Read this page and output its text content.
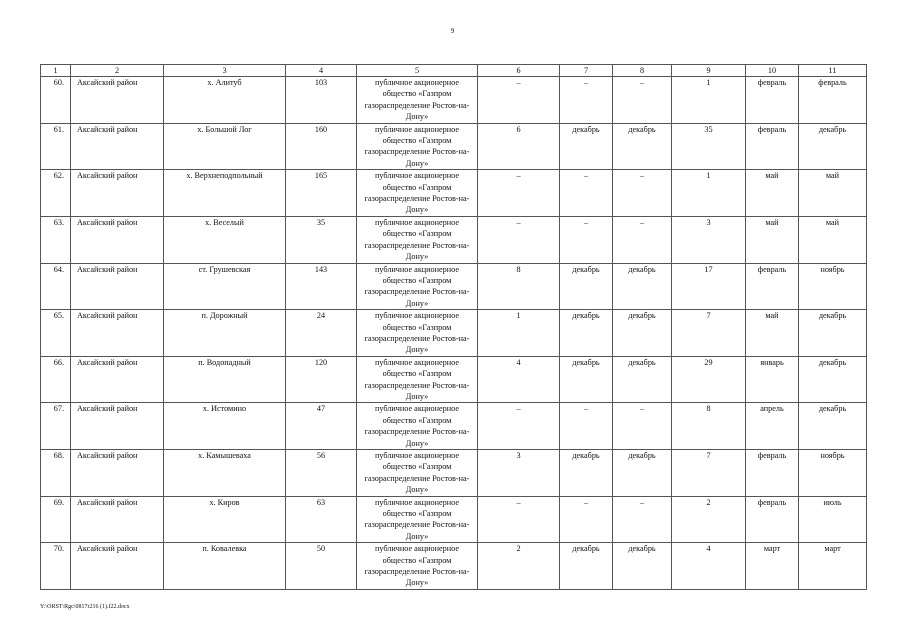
9
1	2	3	4	5	6	7	8	9	10	11
60.	Аксайский район	х. Алитуб	103	публичное акционерное общество «Газпром газораспределение Ростов-на-Дону»	–	–	–	1	февраль	февраль
61.	Аксайский район	х. Большой Лог	160	публичное акционерное общество «Газпром газораспределение Ростов-на-Дону»	6	декабрь	декабрь	35	февраль	декабрь
62.	Аксайский район	х. Верхнеподпольный	165	публичное акционерное общество «Газпром газораспределение Ростов-на-Дону»	–	–	–	1	май	май
63.	Аксайский район	х. Веселый	35	публичное акционерное общество «Газпром газораспределение Ростов-на-Дону»	–	–	–	3	май	май
64.	Аксайский район	ст. Грушевская	143	публичное акционерное общество «Газпром газораспределение Ростов-на-Дону»	8	декабрь	декабрь	17	февраль	ноябрь
65.	Аксайский район	п. Дорожный	24	публичное акционерное общество «Газпром газораспределение Ростов-на-Дону»	1	декабрь	декабрь	7	май	декабрь
66.	Аксайский район	п. Водопадный	120	публичное акционерное общество «Газпром газораспределение Ростов-на-Дону»	4	декабрь	декабрь	29	январь	декабрь
67.	Аксайский район	х. Истомино	47	публичное акционерное общество «Газпром газораспределение Ростов-на-Дону»	–	–	–	8	апрель	декабрь
68.	Аксайский район	х. Камышеваха	56	публичное акционерное общество «Газпром газораспределение Ростов-на-Дону»	3	декабрь	декабрь	7	февраль	ноябрь
69.	Аксайский район	х. Киров	63	публичное акционерное общество «Газпром газораспределение Ростов-на-Дону»	–	–	–	2	февраль	июль
70.	Аксайский район	п. Ковалевка	50	публичное акционерное общество «Газпром газораспределение Ростов-на-Дону»	2	декабрь	декабрь	4	март	март
Y:\ORST\Rgc\0817r216 (1).f22.docx
